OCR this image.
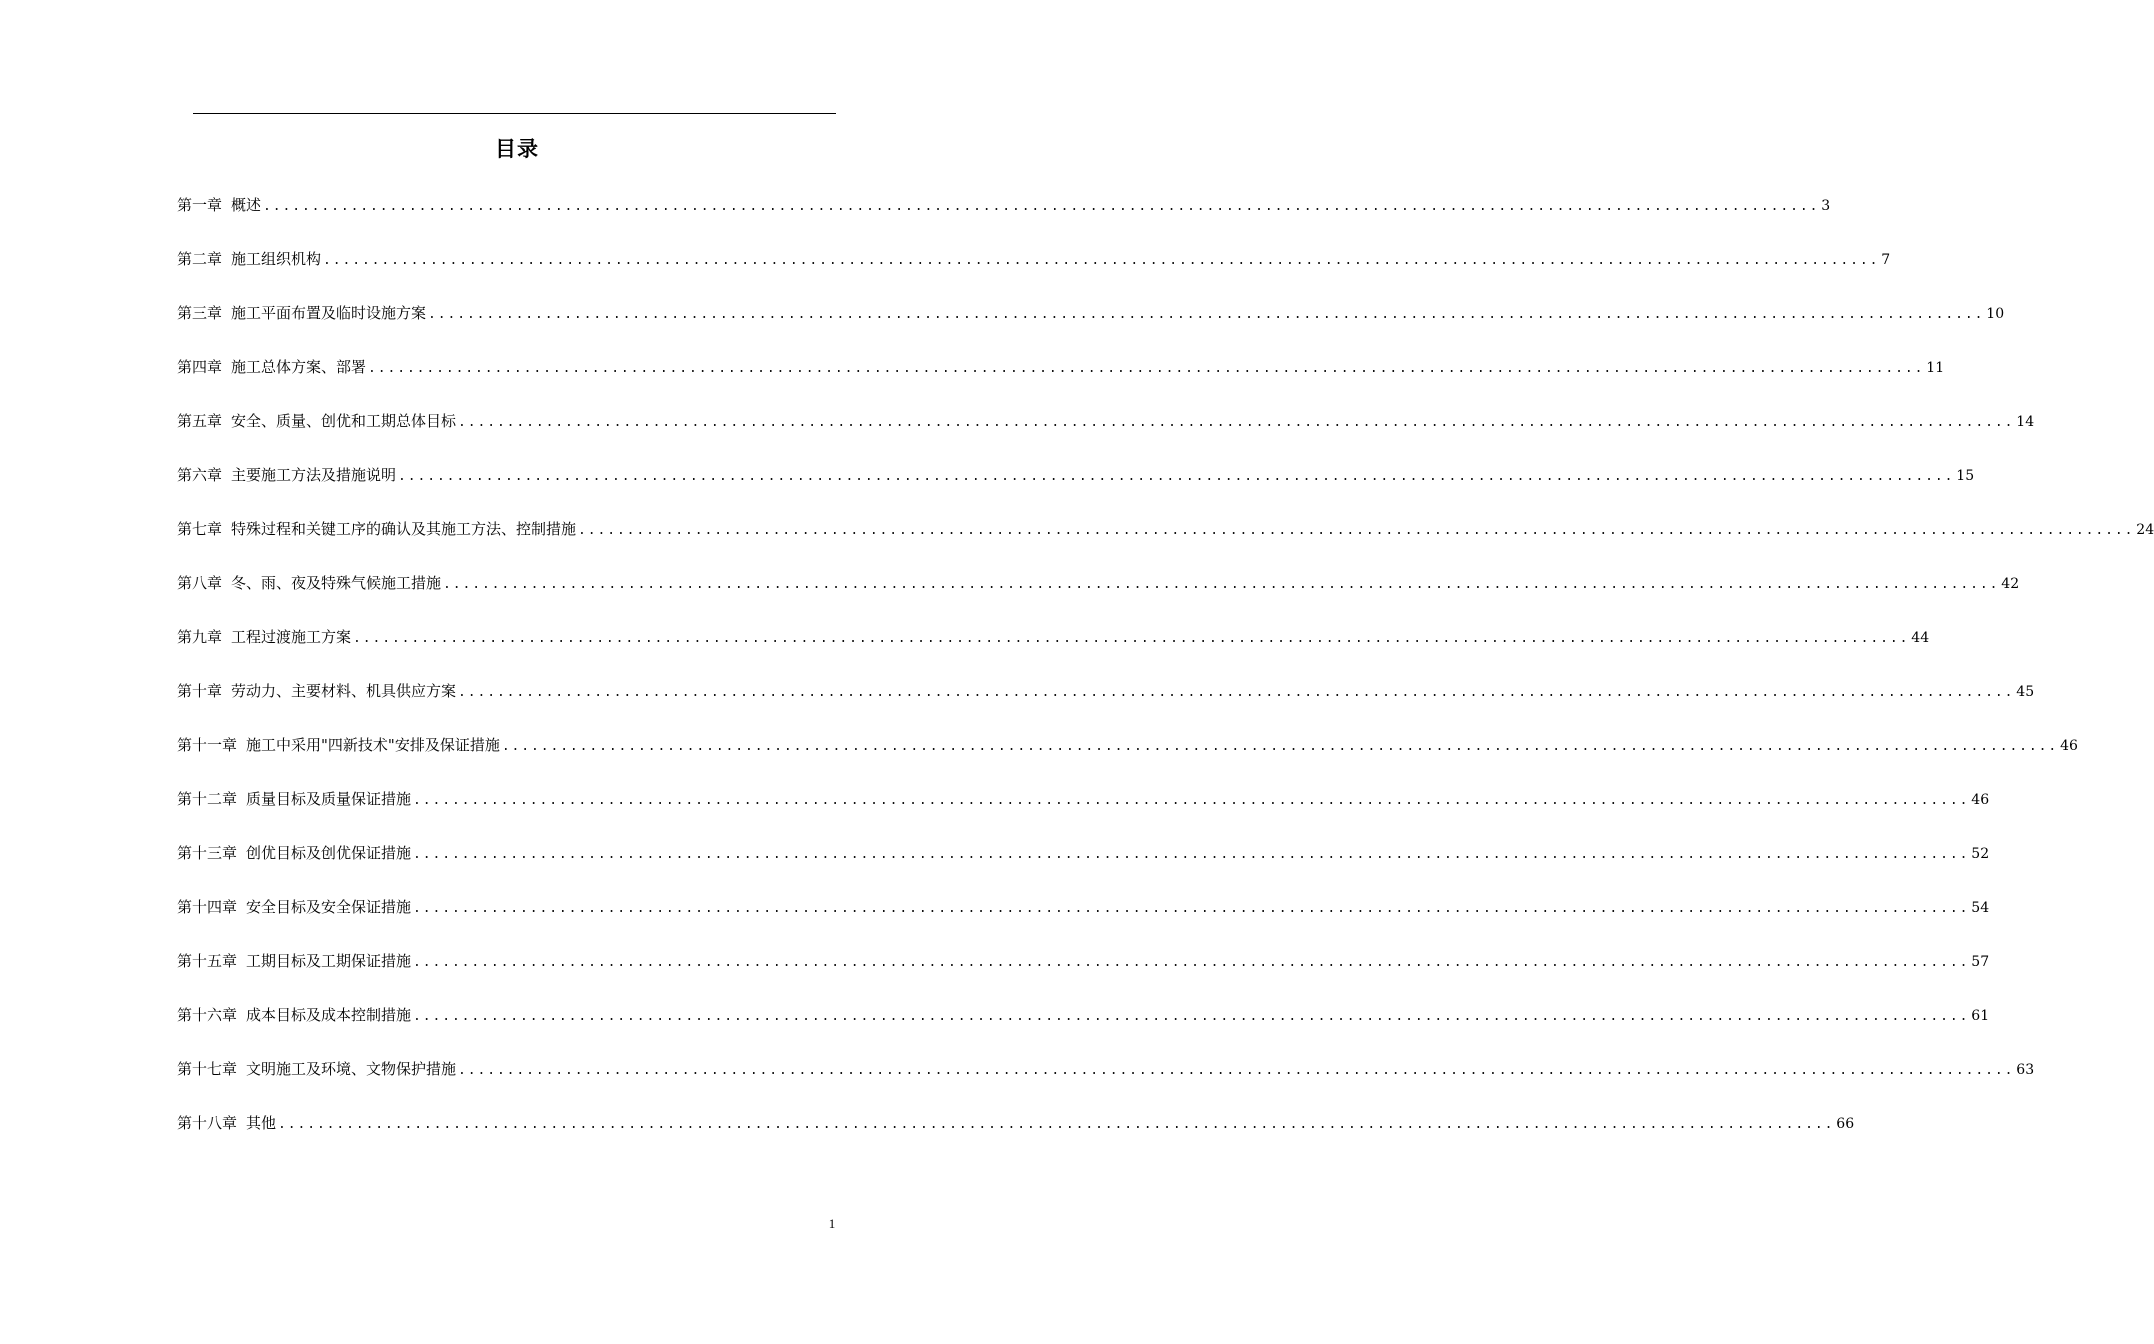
目录
第一章 概述 ................................................................................................................................................................ 3
第二章 施工组织机构 ................................................................................................................................................................ 7
第三章 施工平面布置及临时设施方案 ................................................................................................................................................................ 10
第四章 施工总体方案、部署 ................................................................................................................................................................ 11
第五章 安全、质量、创优和工期总体目标 ................................................................................................................................................................ 14
第六章 主要施工方法及措施说明 ................................................................................................................................................................ 15
第七章 特殊过程和关键工序的确认及其施工方法、控制措施 ................................................................................................................................................................ 24
第八章 冬、雨、夜及特殊气候施工措施 ................................................................................................................................................................ 42
第九章 工程过渡施工方案 ................................................................................................................................................................ 44
第十章 劳动力、主要材料、机具供应方案 ................................................................................................................................................................ 45
第十一章 施工中采用"四新技术"安排及保证措施 ................................................................................................................................................................ 46
第十二章 质量目标及质量保证措施 ................................................................................................................................................................ 46
第十三章 创优目标及创优保证措施 ................................................................................................................................................................ 52
第十四章 安全目标及安全保证措施 ................................................................................................................................................................ 54
第十五章 工期目标及工期保证措施 ................................................................................................................................................................ 57
第十六章 成本目标及成本控制措施 ................................................................................................................................................................ 61
第十七章 文明施工及环境、文物保护措施 ................................................................................................................................................................ 63
第十八章 其他 ................................................................................................................................................................ 66
1
